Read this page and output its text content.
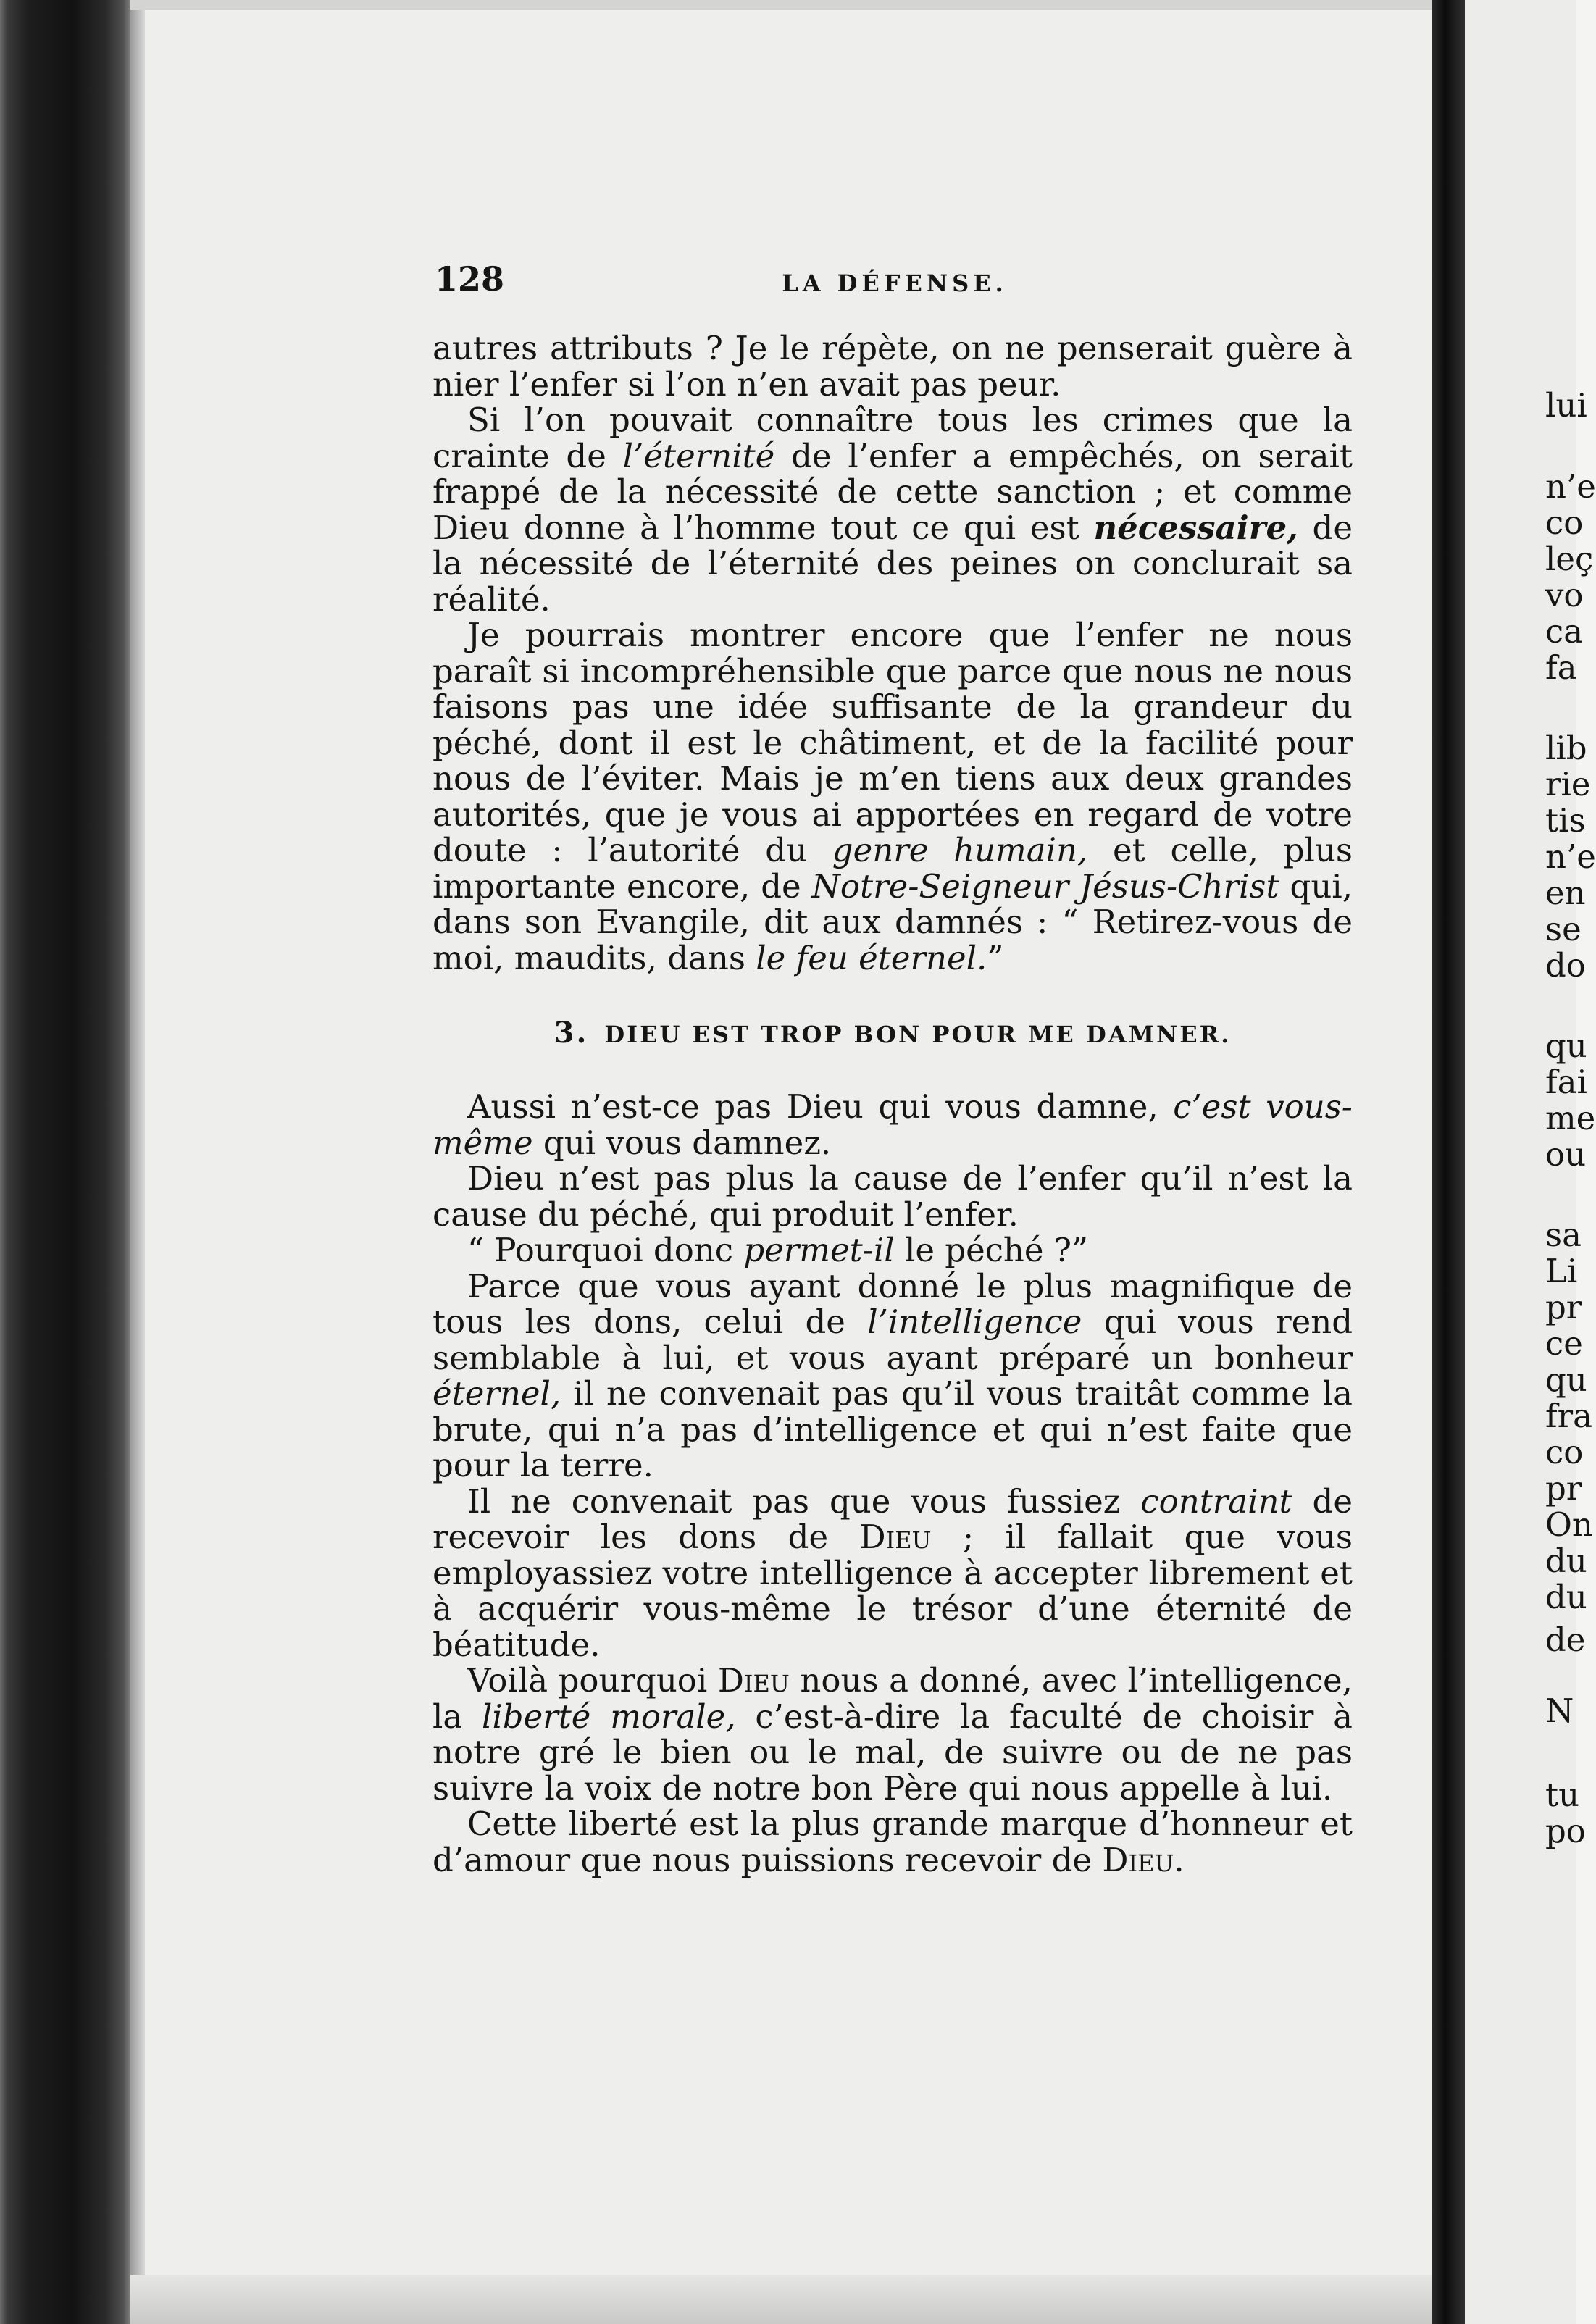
128	LA DÉFENSE.

autres attributs ? Je le répète, on ne penserait guère à nier l’enfer si l’on n’en avait pas peur.

Si l’on pouvait connaître tous les crimes que la crainte de l’éternité de l’enfer a empêchés, on serait frappé de la nécessité de cette sanction ; et comme Dieu donne à l’homme tout ce qui est nécessaire, de la nécessité de l’éternité des peines on conclurait sa réalité.

Je pourrais montrer encore que l’enfer ne nous paraît si incompréhensible que parce que nous ne nous faisons pas une idée suffisante de la grandeur du péché, dont il est le châtiment, et de la facilité pour nous de l’éviter. Mais je m’en tiens aux deux grandes autorités, que je vous ai apportées en regard de votre doute : l’autorité du genre humain, et celle, plus importante encore, de Notre-Seigneur Jésus-Christ qui, dans son Evangile, dit aux damnés : “ Retirez-vous de moi, maudits, dans le feu éternel.”

3. DIEU EST TROP BON POUR ME DAMNER.

Aussi n’est-ce pas Dieu qui vous damne, c’est vous-même qui vous damnez.

Dieu n’est pas plus la cause de l’enfer qu’il n’est la cause du péché, qui produit l’enfer.

“ Pourquoi donc permet-il le péché ?”

Parce que vous ayant donné le plus magnifique de tous les dons, celui de l’intelligence qui vous rend semblable à lui, et vous ayant préparé un bonheur éternel, il ne convenait pas qu’il vous traitât comme la brute, qui n’a pas d’intelligence et qui n’est faite que pour la terre.

Il ne convenait pas que vous fussiez contraint de recevoir les dons de Dieu ; il fallait que vous employassiez votre intelligence à accepter librement et à acquérir vous-même le trésor d’une éternité de béatitude.

Voilà pourquoi Dieu nous a donné, avec l’intelligence, la liberté morale, c’est-à-dire la faculté de choisir à notre gré le bien ou le mal, de suivre ou de ne pas suivre la voix de notre bon Père qui nous appelle à lui.

Cette liberté est la plus grande marque d’honneur et d’amour que nous puissions recevoir de Dieu.

lui
n’e
co
leç
vo
ca
fa
lib
rie
tis
n’e
en
se
do
qu
fai
me
ou
sa
Li
pr
ce
qu
fra
co
pr
On
du
du
de
N
tu
po
